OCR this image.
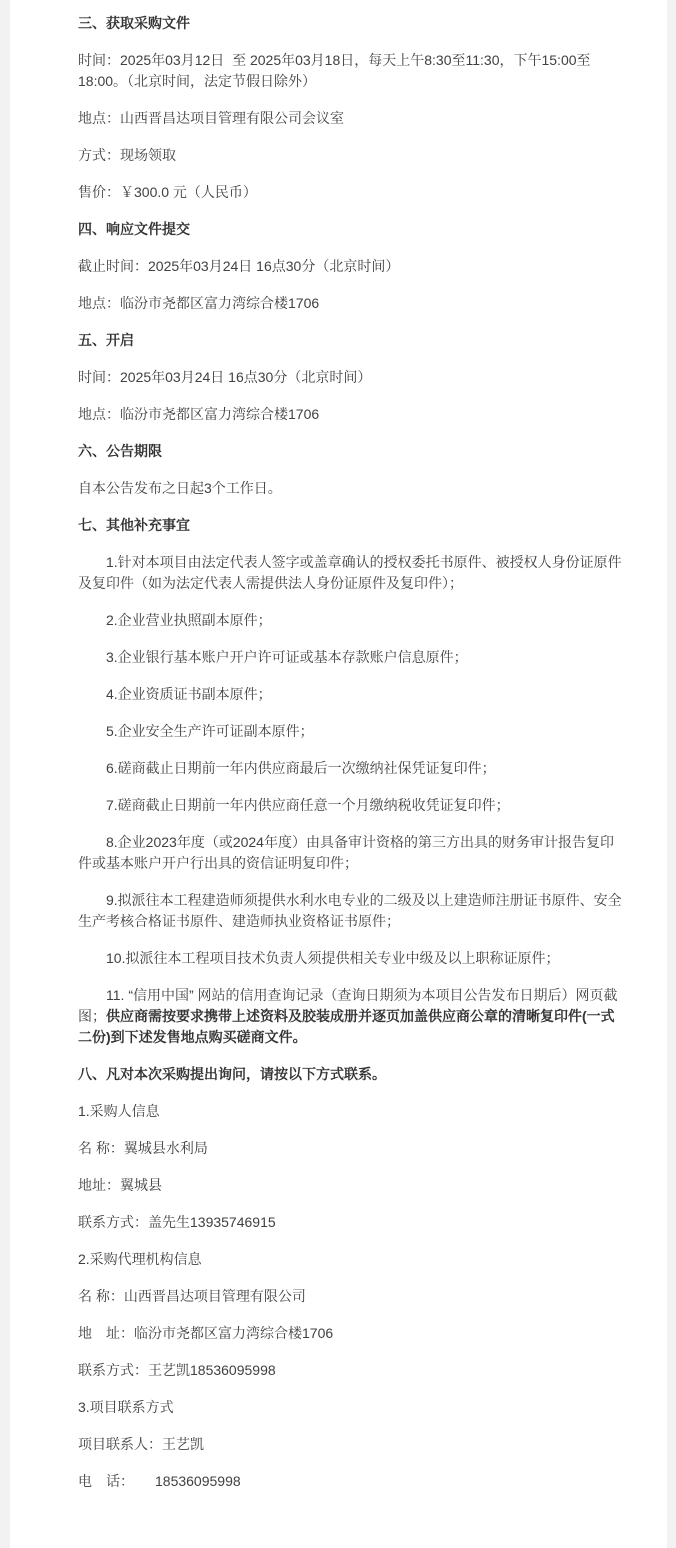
三、获取采购文件

时间：2025年03月12日  至 2025年03月18日，每天上午8:30至11:30，下午15:00至18:00。（北京时间，法定节假日除外）

地点：山西晋昌达项目管理有限公司会议室

方式：现场领取

售价：￥300.0 元（人民币）

四、响应文件提交

截止时间：2025年03月24日 16点30分（北京时间）

地点：临汾市尧都区富力湾综合楼1706

五、开启

时间：2025年03月24日 16点30分（北京时间）

地点：临汾市尧都区富力湾综合楼1706

六、公告期限

自本公告发布之日起3个工作日。

七、其他补充事宜

1.针对本项目由法定代表人签字或盖章确认的授权委托书原件、被授权人身份证原件及复印件（如为法定代表人需提供法人身份证原件及复印件）；

2.企业营业执照副本原件；

3.企业银行基本账户开户许可证或基本存款账户信息原件；

4.企业资质证书副本原件；

5.企业安全生产许可证副本原件；

6.磋商截止日期前一年内供应商最后一次缴纳社保凭证复印件；

7.磋商截止日期前一年内供应商任意一个月缴纳税收凭证复印件；

8.企业2023年度（或2024年度）由具备审计资格的第三方出具的财务审计报告复印件或基本账户开户行出具的资信证明复印件；

9.拟派往本工程建造师须提供水利水电专业的二级及以上建造师注册证书原件、安全生产考核合格证书原件、建造师执业资格证书原件；

10.拟派往本工程项目技术负责人须提供相关专业中级及以上职称证原件；

11. “信用中国” 网站的信用查询记录（查询日期须为本项目公告发布日期后）网页截图；供应商需按要求携带上述资料及胶装成册并逐页加盖供应商公章的清晰复印件(一式二份)到下述发售地点购买磋商文件。

八、凡对本次采购提出询问，请按以下方式联系。

1.采购人信息

名 称：翼城县水利局

地址：翼城县

联系方式：盖先生13935746915

2.采购代理机构信息

名 称：山西晋昌达项目管理有限公司

地　址：临汾市尧都区富力湾综合楼1706

联系方式：王艺凯18536095998

3.项目联系方式

项目联系人：王艺凯

电　话：　　18536095998
